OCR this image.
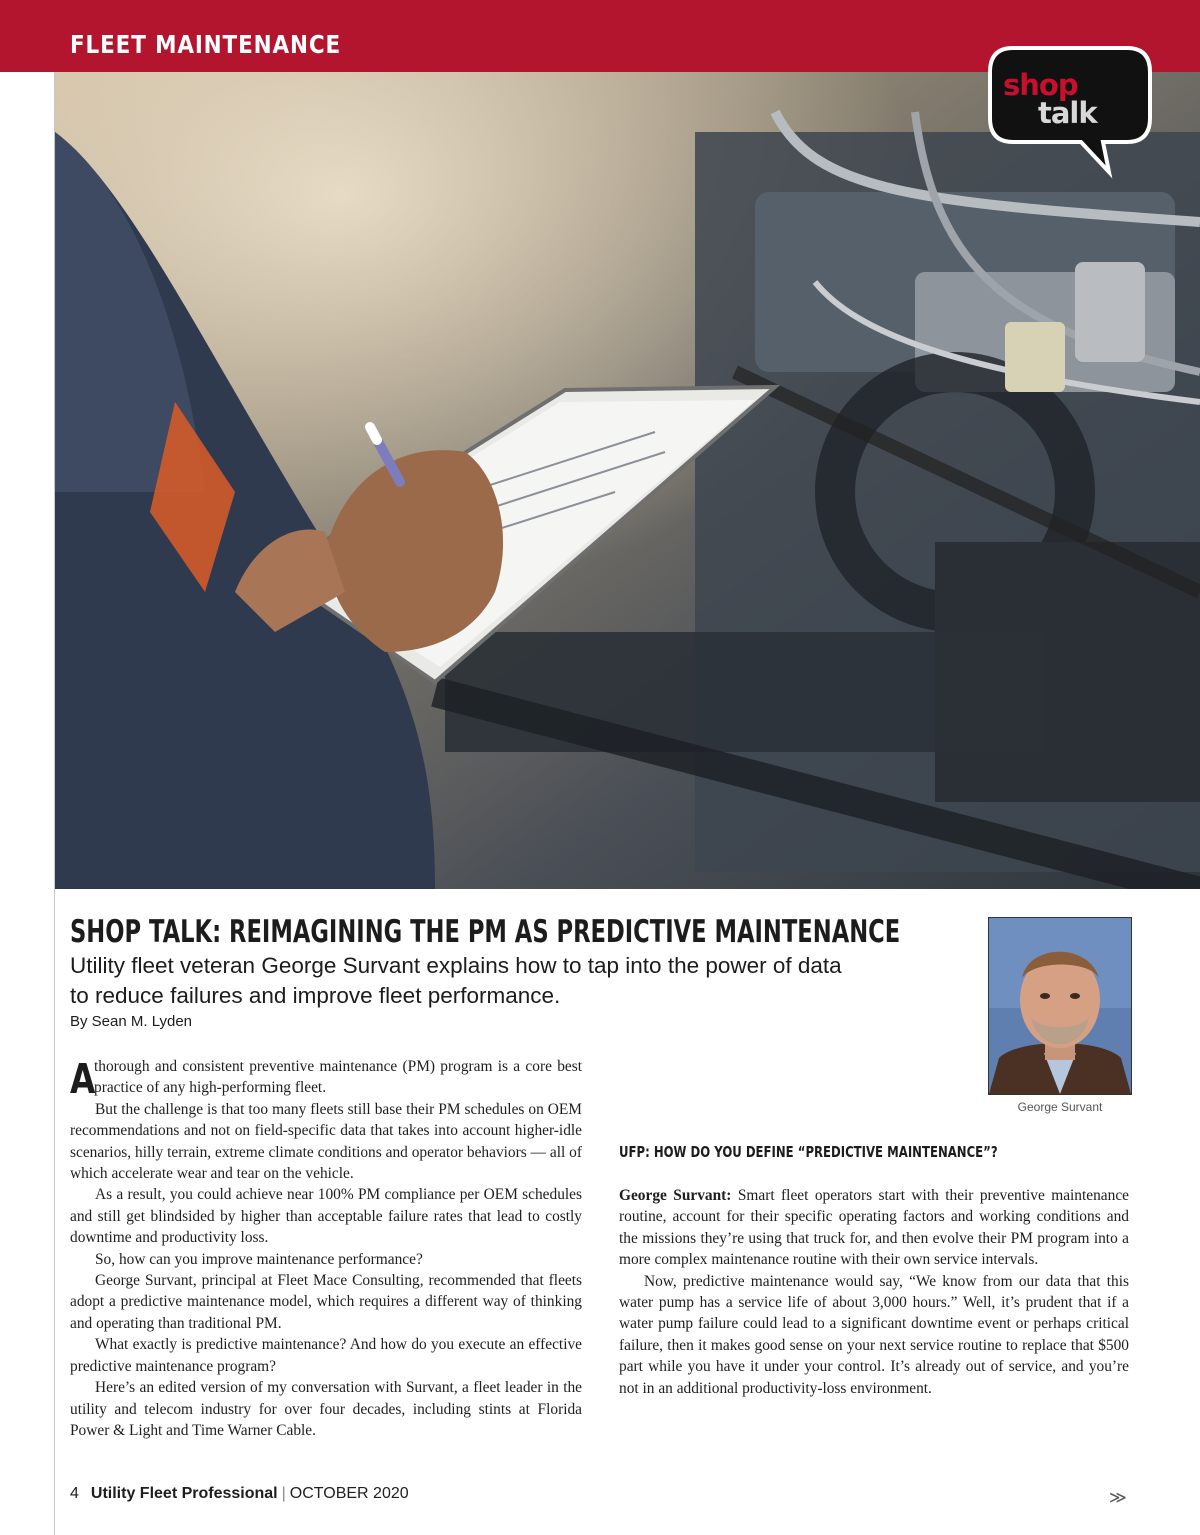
FLEET MAINTENANCE
shop
talk
SHOP TALK: REIMAGINING THE PM AS PREDICTIVE MAINTENANCE
Utility fleet veteran George Survant explains how to tap into the power of data
to reduce failures and improve fleet performance.
By Sean M. Lyden
George Survant

A
thorough and consistent preventive maintenance (PM) program is a core best practice of any high-performing fleet.

But the challenge is that too many fleets still base their PM schedules on OEM recommendations and not on field-specific data that takes into account higher-idle scenarios, hilly terrain, extreme climate conditions and operator behaviors — all of which accelerate wear and tear on the vehicle.

As a result, you could achieve near 100% PM compliance per OEM schedules and still get blindsided by higher than acceptable failure rates that lead to costly downtime and productivity loss.

So, how can you improve maintenance performance?

George Survant, principal at Fleet Mace Consulting, recommended that fleets adopt a predictive maintenance model, which requires a different way of thinking and operating than traditional PM.

What exactly is predictive maintenance? And how do you execute an effective predictive maintenance program?

Here’s an edited version of my conversation with Survant, a fleet leader in the utility and telecom industry for over four decades, including stints at Florida Power & Light and Time Warner Cable.

UFP: HOW DO YOU DEFINE “PREDICTIVE MAINTENANCE”?

George Survant: Smart fleet operators start with their preventive maintenance routine, account for their specific operating factors and working conditions and the missions they’re using that truck for, and then evolve their PM program into a more complex maintenance routine with their own service intervals.

Now, predictive maintenance would say, “We know from our data that this water pump has a service life of about 3,000 hours.” Well, it’s prudent that if a water pump failure could lead to a significant downtime event or perhaps critical failure, then it makes good sense on your next service routine to replace that $500 part while you have it under your control. It’s already out of service, and you’re not in an additional productivity-loss environment.

≫
4 Utility Fleet Professional | OCTOBER 2020
